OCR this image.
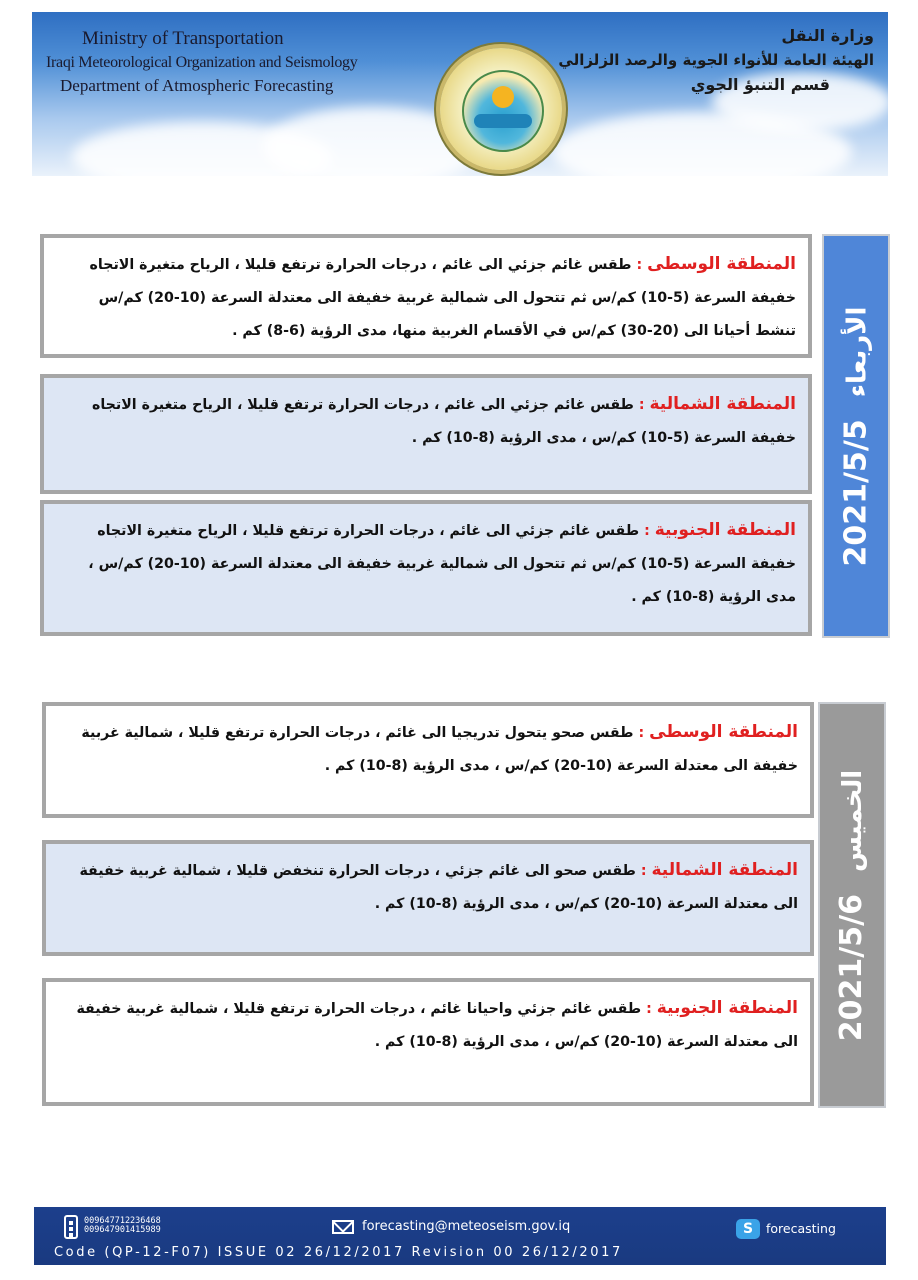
Ministry of Transportation
Iraqi Meteorological Organization and Seismology
Department of Atmospheric Forecasting
وزارة النقل
الهيئة العامة للأنواء الجوية والرصد الزلزالي
قسم التنبؤ الجوي
2021/5/5
الأربعاء
المنطقة الوسطى : طقس غائم جزئي الى غائم ، درجات الحرارة ترتفع قليلا ، الرياح متغيرة الاتجاه خفيفة السرعة (5-10) كم/س ثم تتحول الى شمالية غربية خفيفة الى معتدلة السرعة (10-20) كم/س تنشط أحيانا الى (20-30) كم/س في الأقسام الغربية منها، مدى الرؤية (6-8) كم .
المنطقة الشمالية : طقس غائم جزئي الى غائم ، درجات الحرارة ترتفع قليلا ، الرياح متغيرة الاتجاه خفيفة السرعة (5-10) كم/س ، مدى الرؤية (8-10) كم .
المنطقة الجنوبية : طقس غائم جزئي الى غائم ، درجات الحرارة ترتفع قليلا ، الرياح متغيرة الاتجاه خفيفة السرعة (5-10) كم/س ثم تتحول الى شمالية غربية خفيفة الى معتدلة السرعة (10-20) كم/س ، مدى الرؤية (8-10) كم .
2021/5/6
الخميس
المنطقة الوسطى : طقس صحو يتحول تدريجيا الى غائم ، درجات الحرارة ترتفع قليلا ، شمالية غربية خفيفة الى معتدلة السرعة (10-20) كم/س ، مدى الرؤية (8-10) كم .
المنطقة الشمالية : طقس صحو الى غائم جزئي ، درجات الحرارة تنخفض قليلا ، شمالية غربية خفيفة الى معتدلة السرعة (10-20) كم/س ، مدى الرؤية (8-10) كم .
المنطقة الجنوبية : طقس غائم جزئي واحيانا غائم ، درجات الحرارة ترتفع قليلا ، شمالية غربية خفيفة الى معتدلة السرعة (10-20) كم/س ، مدى الرؤية (8-10) كم .
009647712236468
009647901415989	forecasting@meteoseism.gov.iq	S	forecasting
Code (QP-12-F07) ISSUE 02 26/12/2017 Revision 00 26/12/2017
